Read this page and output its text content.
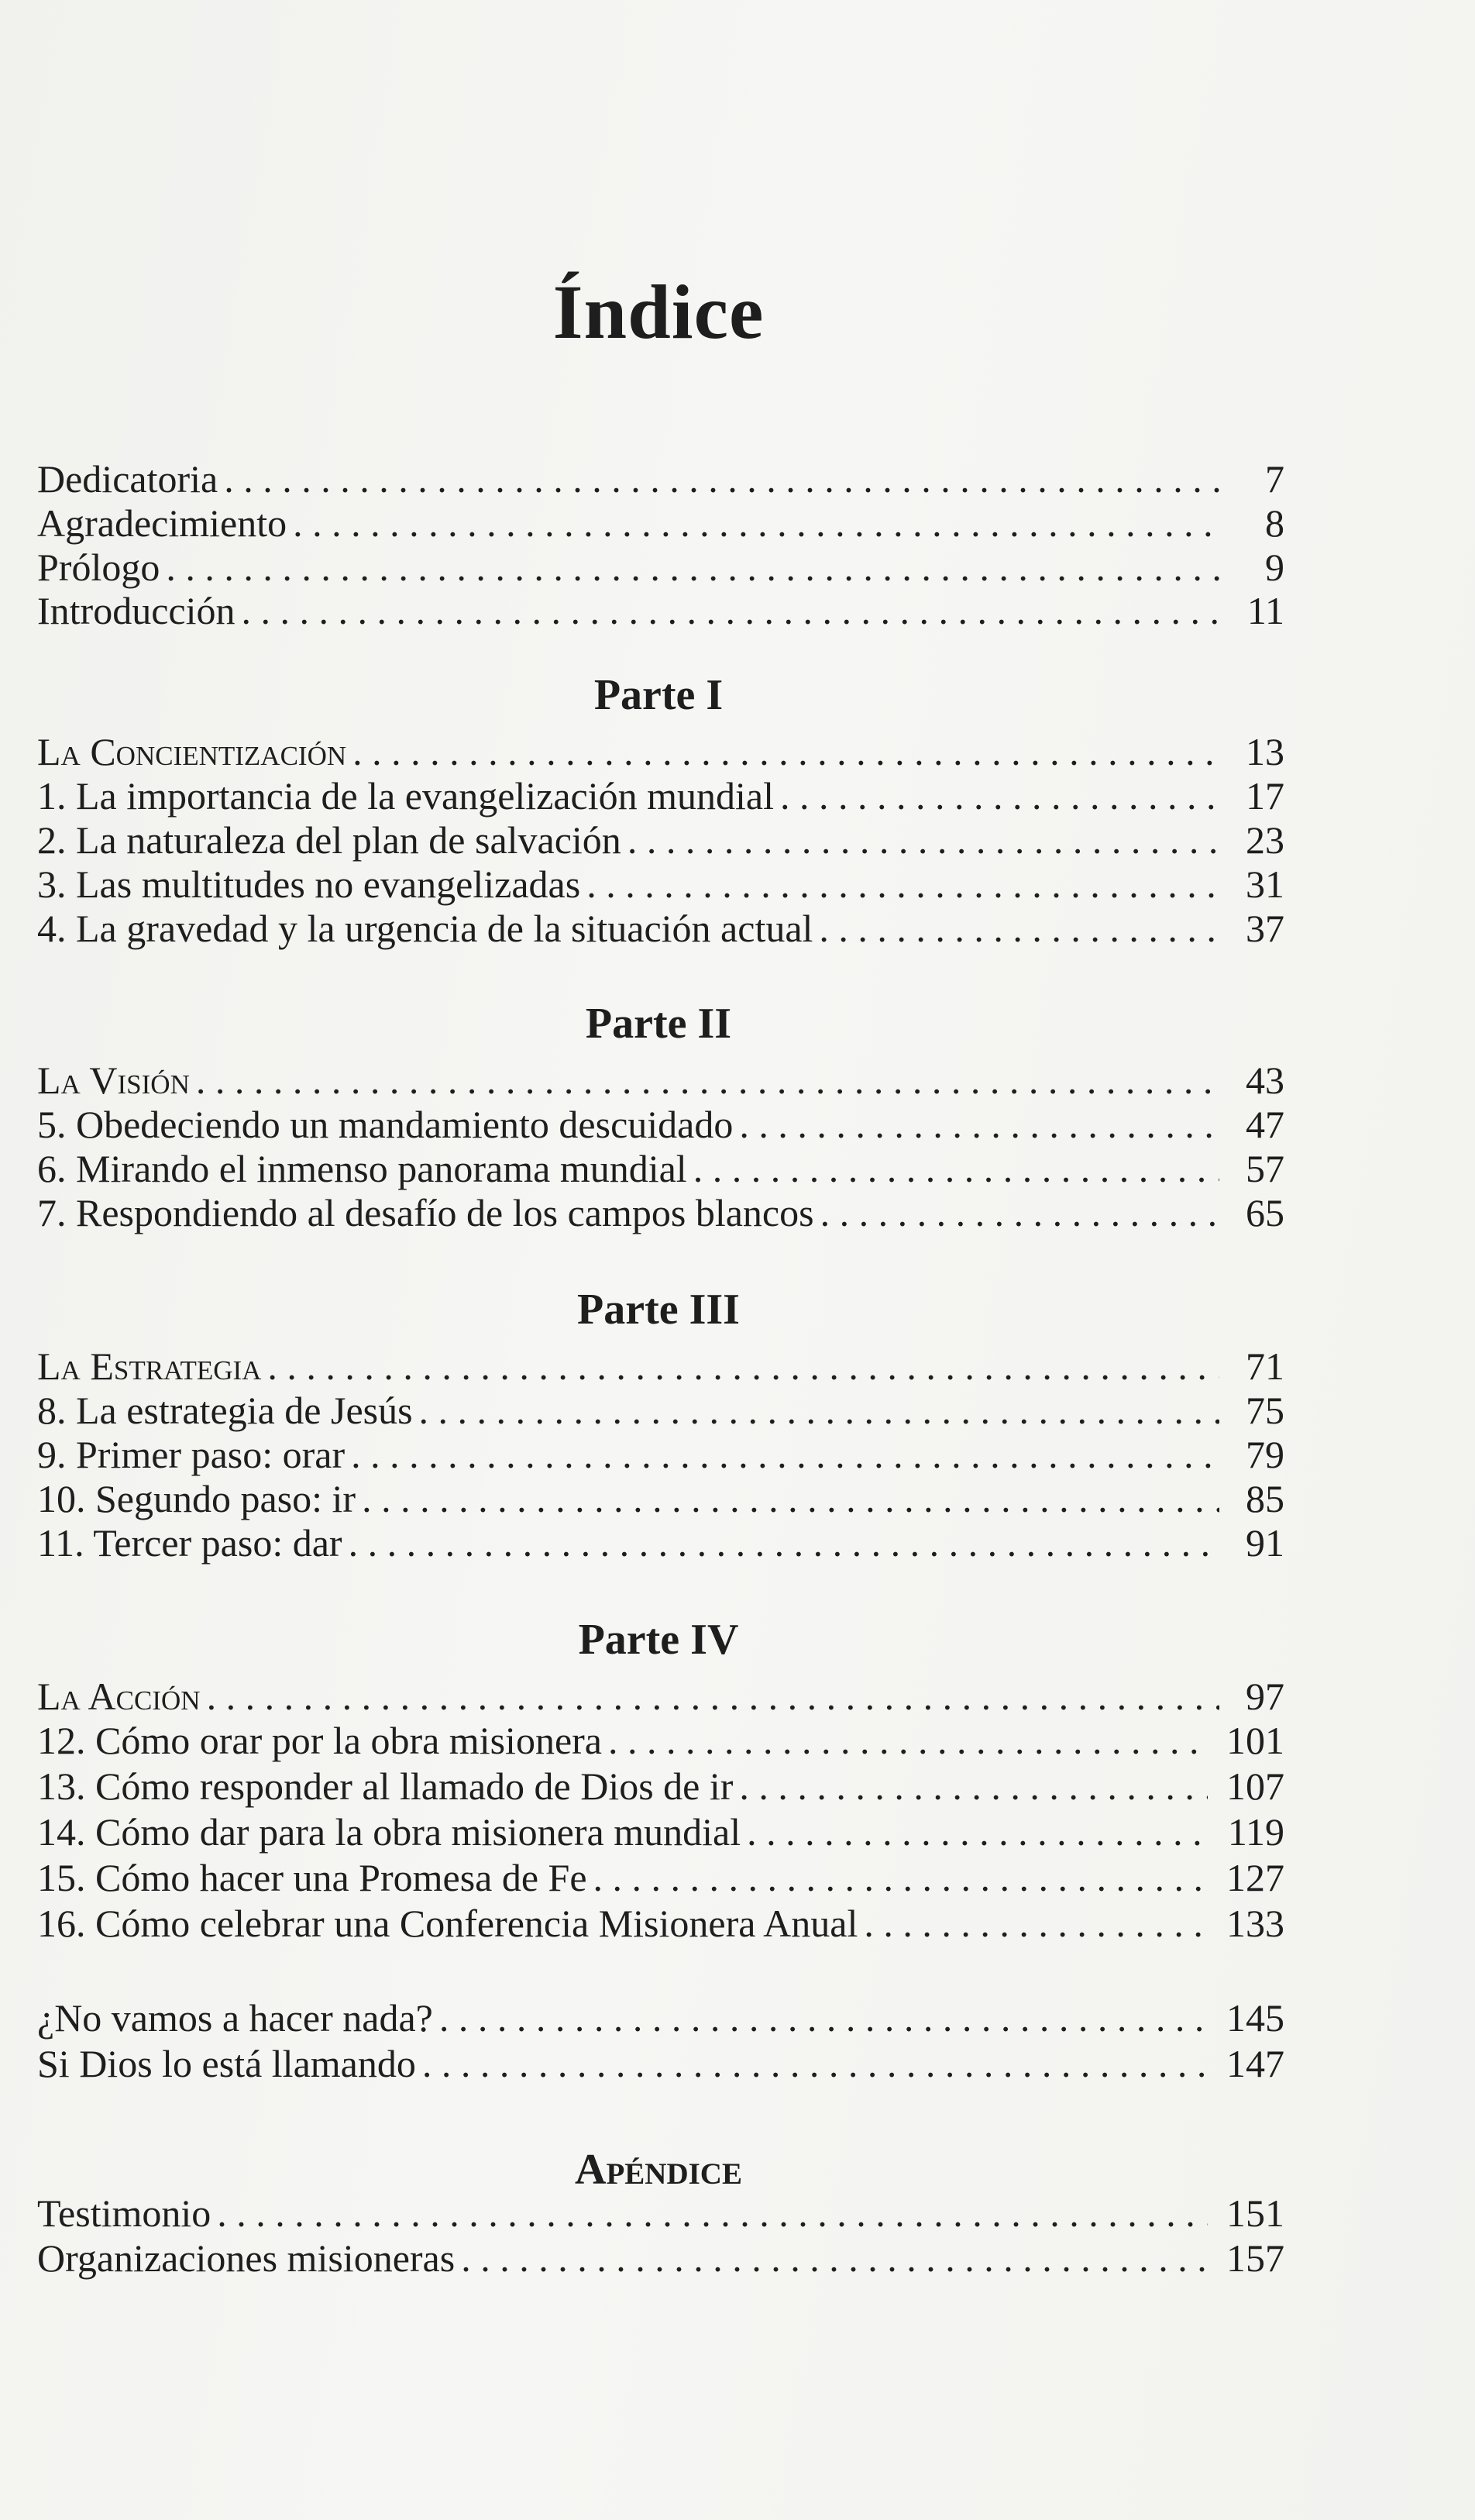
Índice
Dedicatoria . . .	7
Agradecimiento . . .	8
Prólogo . . .	9
Introducción . . .	11
Parte I
La Concientización . . .	13
1. La importancia de la evangelización mundial . . .	17
2. La naturaleza del plan de salvación . . .	23
3. Las multitudes no evangelizadas . . .	31
4. La gravedad y la urgencia de la situación actual . . .	37
Parte II
La Visión . . .	43
5. Obedeciendo un mandamiento descuidado . . .	47
6. Mirando el inmenso panorama mundial . . .	57
7. Respondiendo al desafío de los campos blancos . . .	65
Parte III
La Estrategia . . .	71
8. La estrategia de Jesús . . .	75
9. Primer paso: orar . . .	79
10. Segundo paso: ir . . .	85
11. Tercer paso: dar . . .	91
Parte IV
La Acción . . .	97
12. Cómo orar por la obra misionera . . .	101
13. Cómo responder al llamado de Dios de ir . . .	107
14. Cómo dar para la obra misionera mundial . . .	119
15. Cómo hacer una Promesa de Fe . . .	127
16. Cómo celebrar una Conferencia Misionera Anual . . .	133
¿No vamos a hacer nada? . . .	145
Si Dios lo está llamando . . .	147
Apéndice
Testimonio . . .	151
Organizaciones misioneras . . .	157
